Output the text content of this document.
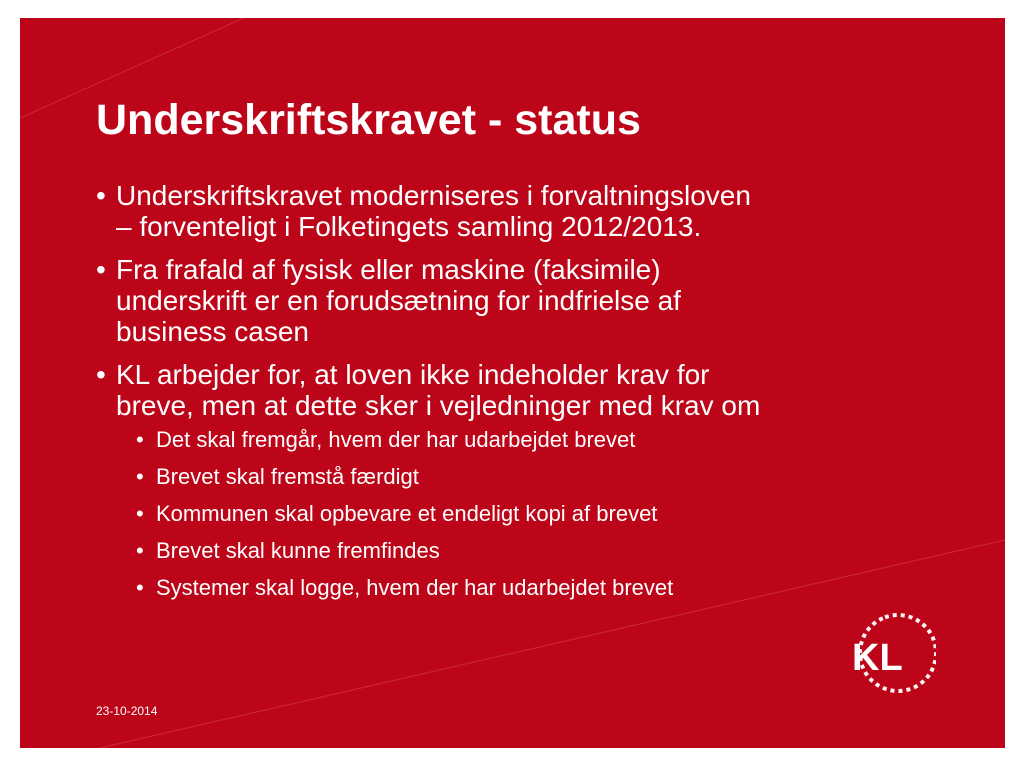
Underskriftskravet - status
• Underskriftskravet moderniseres i forvaltningsloven
– forventeligt i Folketingets samling 2012/2013.
• Fra frafald af fysisk eller maskine (faksimile)
underskrift er en forudsætning for indfrielse af
business casen
• KL arbejder for, at loven ikke indeholder krav for
breve, men at dette sker i vejledninger med krav om
• Det skal fremgår, hvem der har udarbejdet brevet
• Brevet skal fremstå færdigt
• Kommunen skal opbevare et endeligt kopi af brevet
• Brevet skal kunne fremfindes
• Systemer skal logge, hvem der har udarbejdet brevet
23-10-2014
KL
